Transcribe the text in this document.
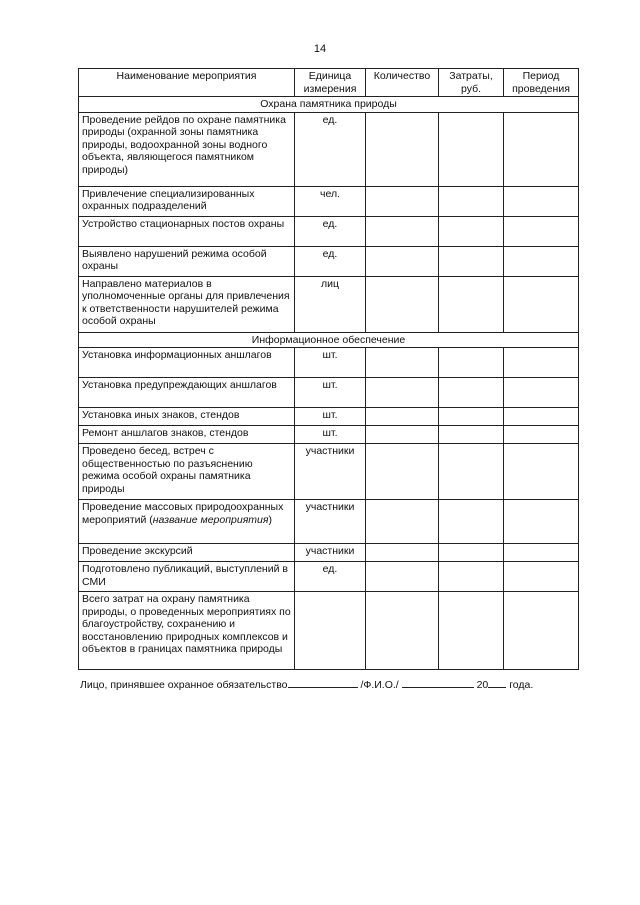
14
Наименование мероприятия	Единица измерения	Количество	Затраты, руб.	Период проведения
Охрана памятника природы				
Проведение рейдов по охране памятника природы (охранной зоны памятника природы, водоохранной зоны водного объекта, являющегося памятником природы)	ед.			
Привлечение специализированных охранных подразделений	чел.			
Устройство стационарных постов охраны	ед.			
Выявлено нарушений режима особой охраны	ед.			
Направлено материалов в уполномоченные органы для привлечения к ответственности нарушителей режима особой охраны	лиц			
Информационное обеспечение				
Установка информационных аншлагов	шт.			
Установка предупреждающих аншлагов	шт.			
Установка иных знаков, стендов	шт.			
Ремонт аншлагов знаков, стендов	шт.			
Проведено бесед, встреч с общественностью по разъяснению режима особой охраны памятника природы	участники			
Проведение массовых природоохранных мероприятий (название мероприятия)	участники			
Проведение экскурсий	участники			
Подготовлено публикаций, выступлений в СМИ	ед.			
Всего затрат на охрану памятника природы, о проведенных мероприятиях по благоустройству, сохранению и восстановлению природных комплексов и объектов в границах памятника природы				
Лицо, принявшее охранное обязательство	/Ф.И.О./	20 года.
